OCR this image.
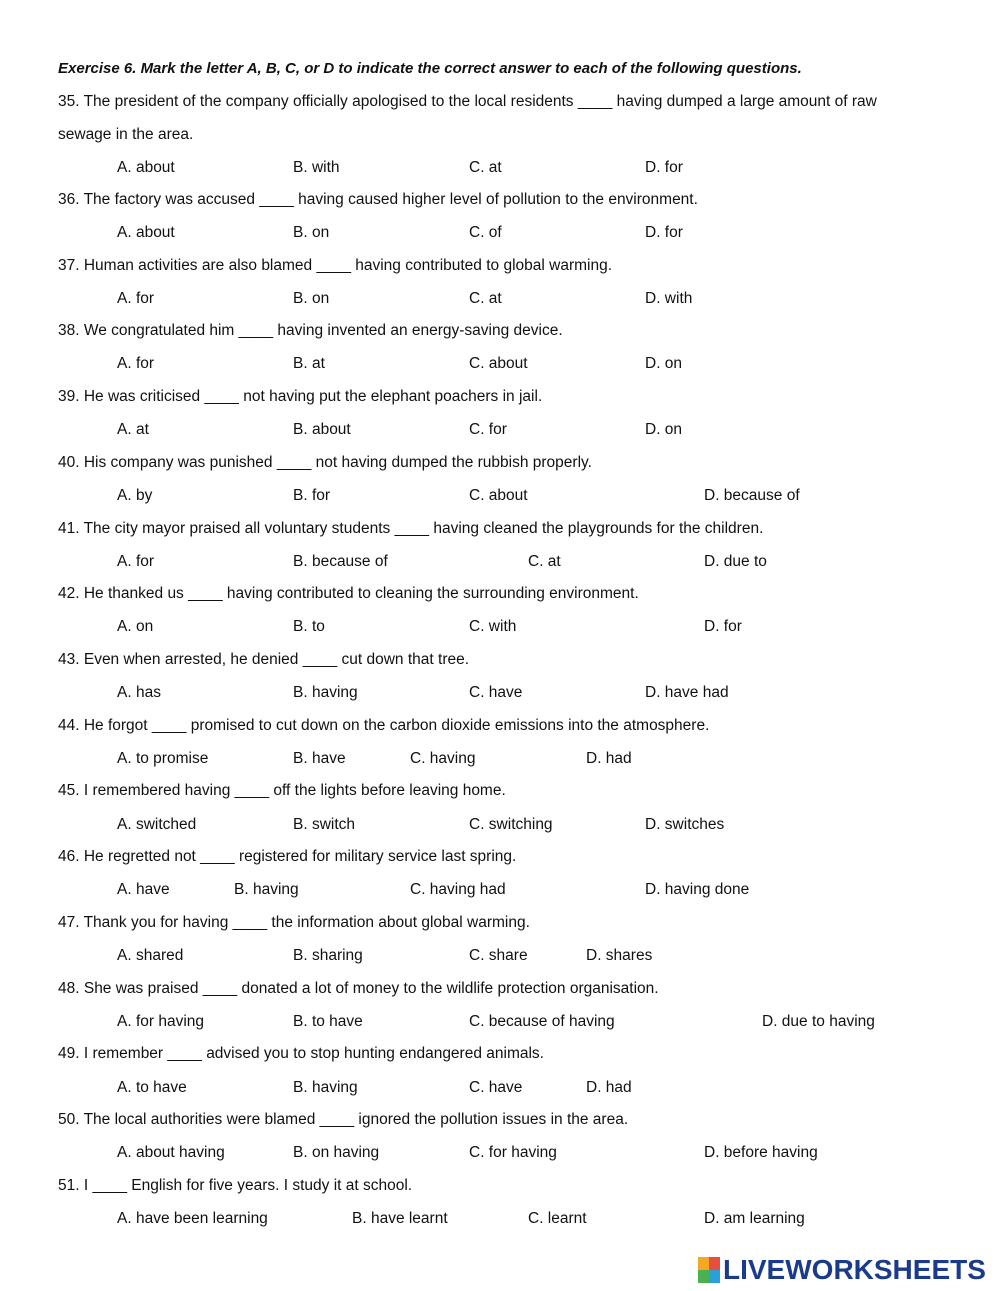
Exercise 6. Mark the letter A, B, C, or D to indicate the correct answer to each of the following questions.
35. The president of the company officially apologised to the local residents ____ having dumped a large amount of raw
sewage in the area.
A. about	B. with	C. at	D. for
36. The factory was accused ____ having caused higher level of pollution to the environment.
A. about	B. on	C. of	D. for
37. Human activities are also blamed ____ having contributed to global warming.
A. for	B. on	C. at	D. with
38. We congratulated him ____ having invented an energy-saving device.
A. for	B. at	C. about	D. on
39. He was criticised ____ not having put the elephant poachers in jail.
A. at	B. about	C. for	D. on
40. His company was punished ____ not having dumped the rubbish properly.
A. by	B. for	C. about	D. because of
41. The city mayor praised all voluntary students ____ having cleaned the playgrounds for the children.
A. for	B. because of	C. at	D. due to
42. He thanked us ____ having contributed to cleaning the surrounding environment.
A. on	B. to	C. with	D. for
43. Even when arrested, he denied ____ cut down that tree.
A. has	B. having	C. have	D. have had
44. He forgot ____ promised to cut down on the carbon dioxide emissions into the atmosphere.
A. to promise	B. have	C. having	D. had
45. I remembered having ____ off the lights before leaving home.
A. switched	B. switch	C. switching	D. switches
46. He regretted not ____ registered for military service last spring.
A. have	B. having	C. having had	D. having done
47. Thank you for having ____ the information about global warming.
A. shared	B. sharing	C. share	D. shares
48. She was praised ____ donated a lot of money to the wildlife protection organisation.
A. for having	B. to have	C. because of having	D. due to having
49. I remember ____ advised you to stop hunting endangered animals.
A. to have	B. having	C. have	D. had
50. The local authorities were blamed ____ ignored the pollution issues in the area.
A. about having	B. on having	C. for having	D. before having
51. I ____ English for five years. I study it at school.
A. have been learning	B. have learnt	C. learnt	D. am learning
LIVEWORKSHEETS
